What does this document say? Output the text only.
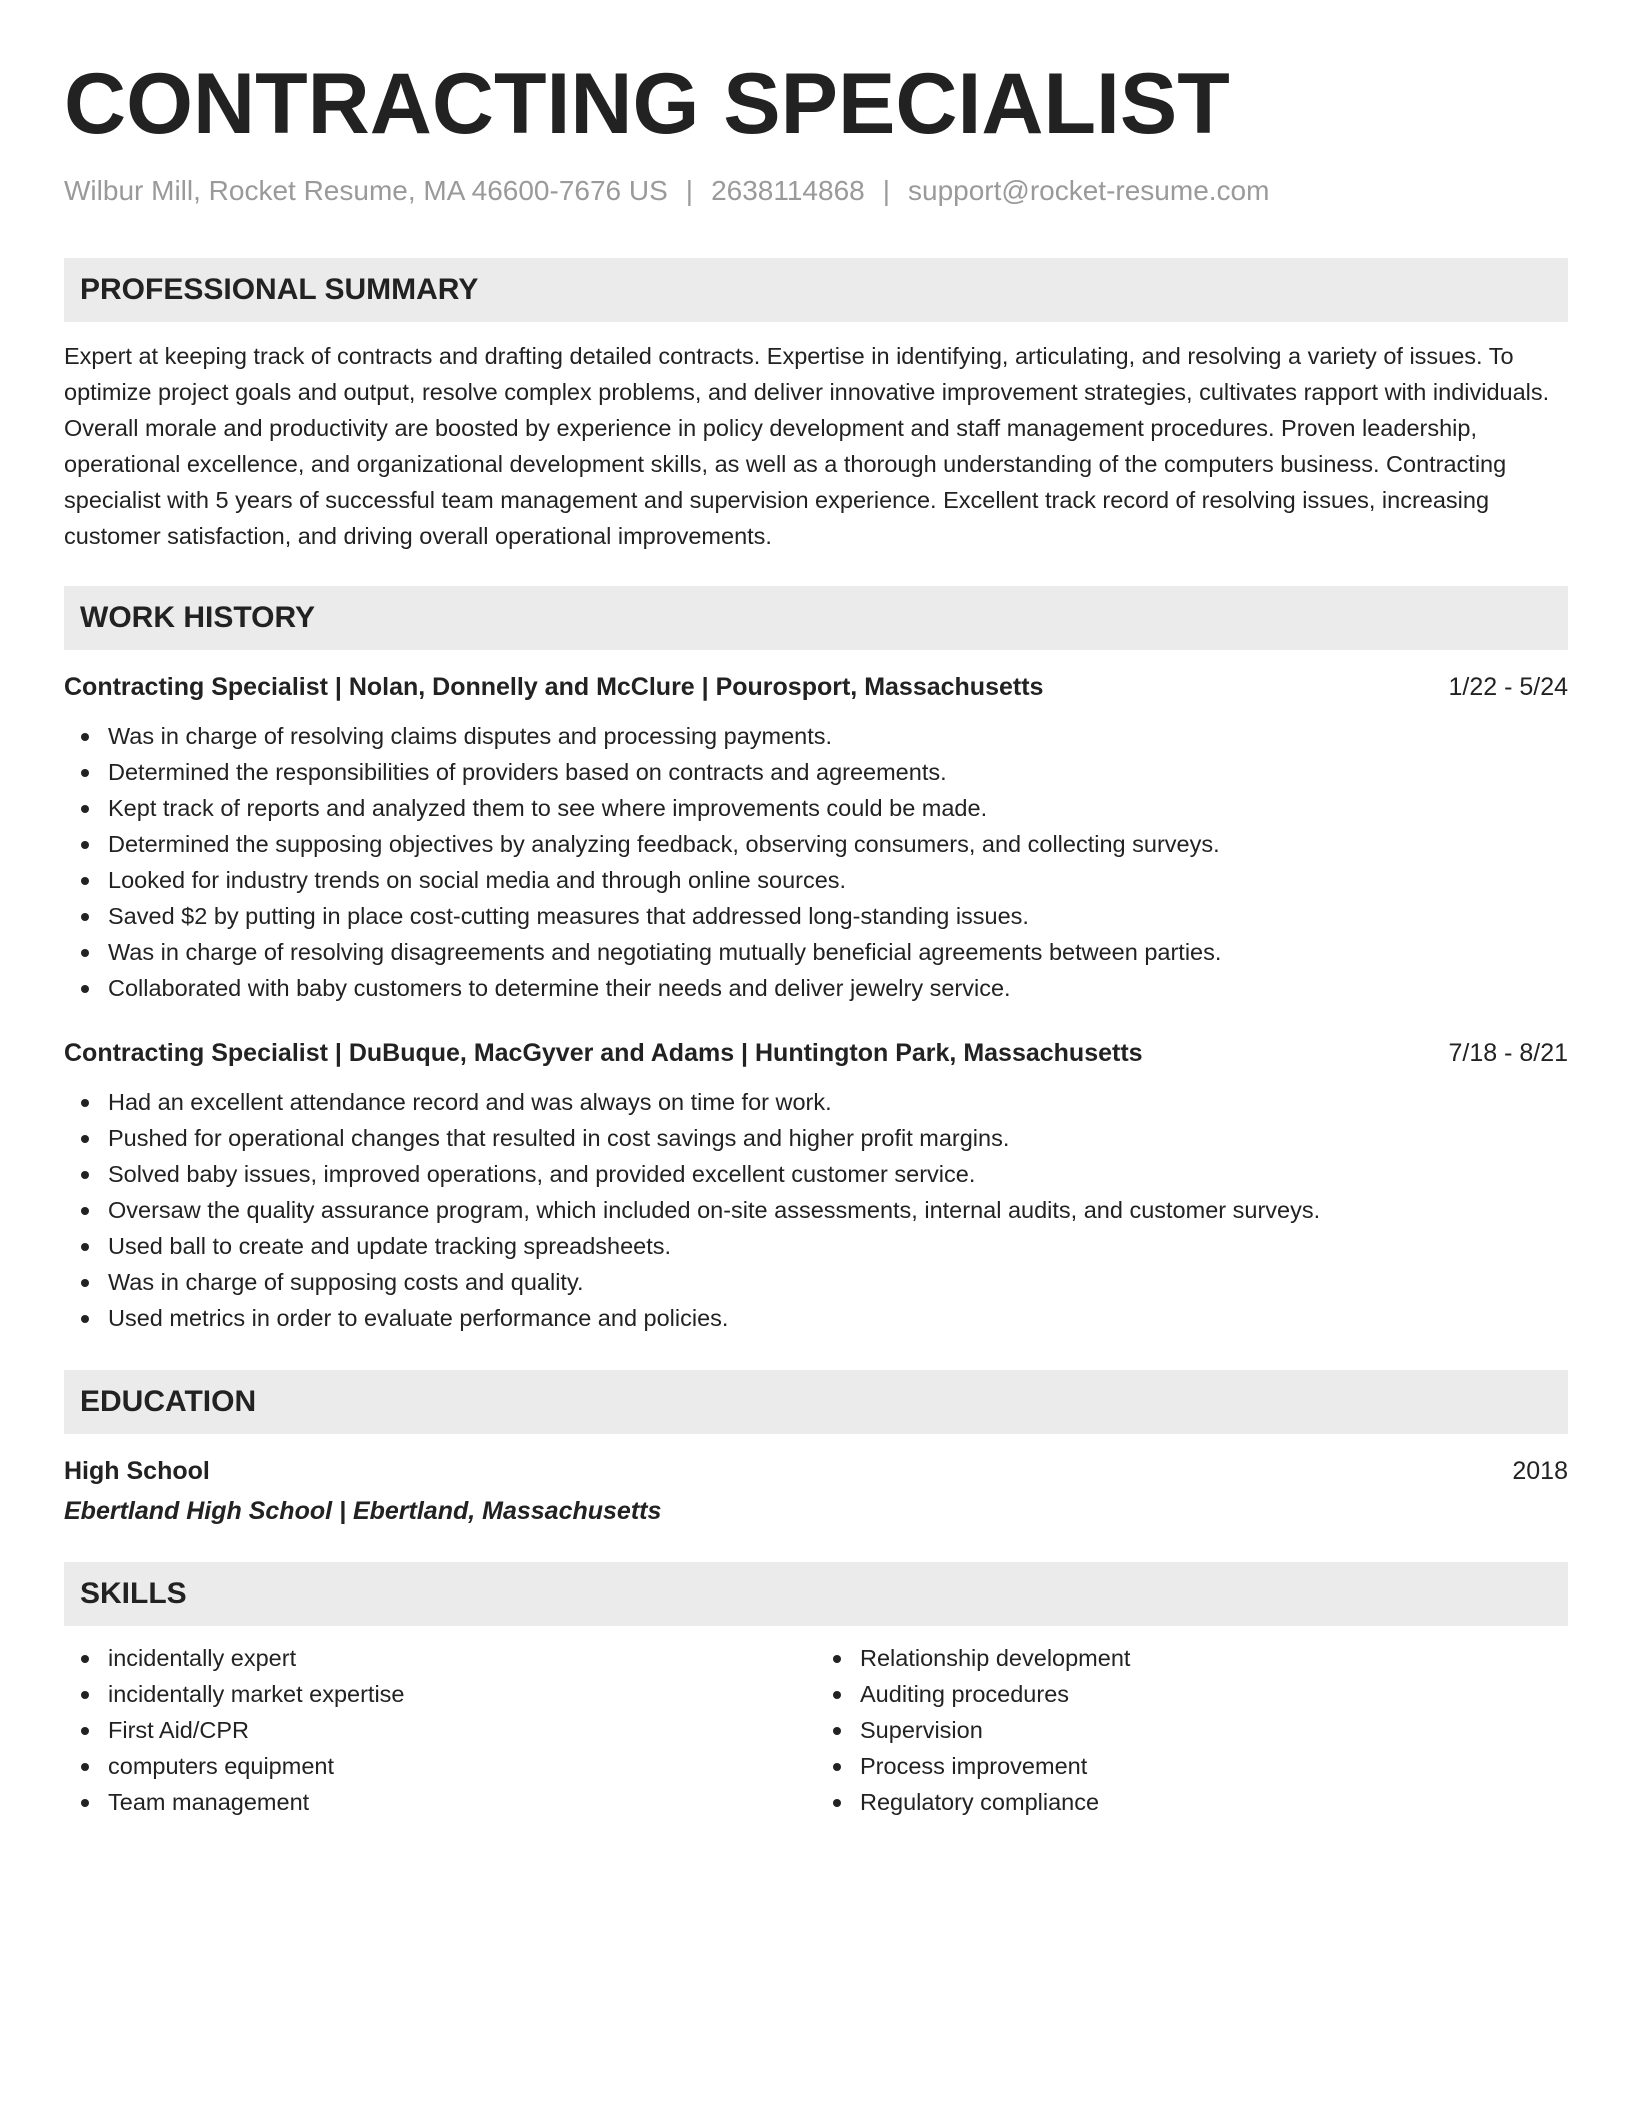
CONTRACTING SPECIALIST
Wilbur Mill, Rocket Resume, MA 46600-7676 US | 2638114868 | support@rocket-resume.com
PROFESSIONAL SUMMARY
Expert at keeping track of contracts and drafting detailed contracts. Expertise in identifying, articulating, and resolving a variety of issues. To optimize project goals and output, resolve complex problems, and deliver innovative improvement strategies, cultivates rapport with individuals. Overall morale and productivity are boosted by experience in policy development and staff management procedures. Proven leadership, operational excellence, and organizational development skills, as well as a thorough understanding of the computers business. Contracting specialist with 5 years of successful team management and supervision experience. Excellent track record of resolving issues, increasing customer satisfaction, and driving overall operational improvements.
WORK HISTORY
Contracting Specialist | Nolan, Donnelly and McClure | Pourosport, Massachusetts	1/22 - 5/24
Was in charge of resolving claims disputes and processing payments.
Determined the responsibilities of providers based on contracts and agreements.
Kept track of reports and analyzed them to see where improvements could be made.
Determined the supposing objectives by analyzing feedback, observing consumers, and collecting surveys.
Looked for industry trends on social media and through online sources.
Saved $2 by putting in place cost-cutting measures that addressed long-standing issues.
Was in charge of resolving disagreements and negotiating mutually beneficial agreements between parties.
Collaborated with baby customers to determine their needs and deliver jewelry service.
Contracting Specialist | DuBuque, MacGyver and Adams | Huntington Park, Massachusetts	7/18 - 8/21
Had an excellent attendance record and was always on time for work.
Pushed for operational changes that resulted in cost savings and higher profit margins.
Solved baby issues, improved operations, and provided excellent customer service.
Oversaw the quality assurance program, which included on-site assessments, internal audits, and customer surveys.
Used ball to create and update tracking spreadsheets.
Was in charge of supposing costs and quality.
Used metrics in order to evaluate performance and policies.
EDUCATION
High School	2018
Ebertland High School | Ebertland, Massachusetts
SKILLS
incidentally expert
incidentally market expertise
First Aid/CPR
computers equipment
Team management
Relationship development
Auditing procedures
Supervision
Process improvement
Regulatory compliance
